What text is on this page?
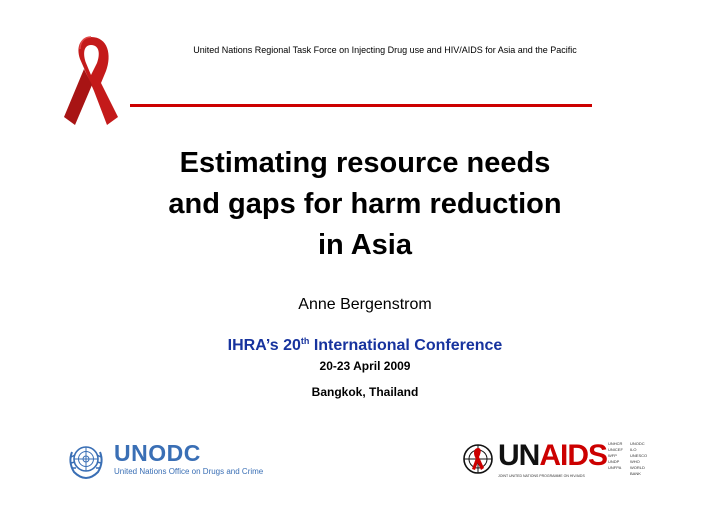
United Nations Regional Task Force on Injecting Drug use and HIV/AIDS for Asia and the Pacific
Estimating resource needs
and gaps for harm reduction
in Asia
Anne Bergenstrom
IHRA’s 20th International Conference
20-23 April 2009
Bangkok, Thailand
UNODC
United Nations Office on Drugs and Crime	UNAIDS
JOINT UNITED NATIONS PROGRAMME ON HIV/AIDS
UNHCR	UNODC
UNICEF	ILO
WFP	UNESCO
UNDP	WHO
UNFPA	WORLD BANK
